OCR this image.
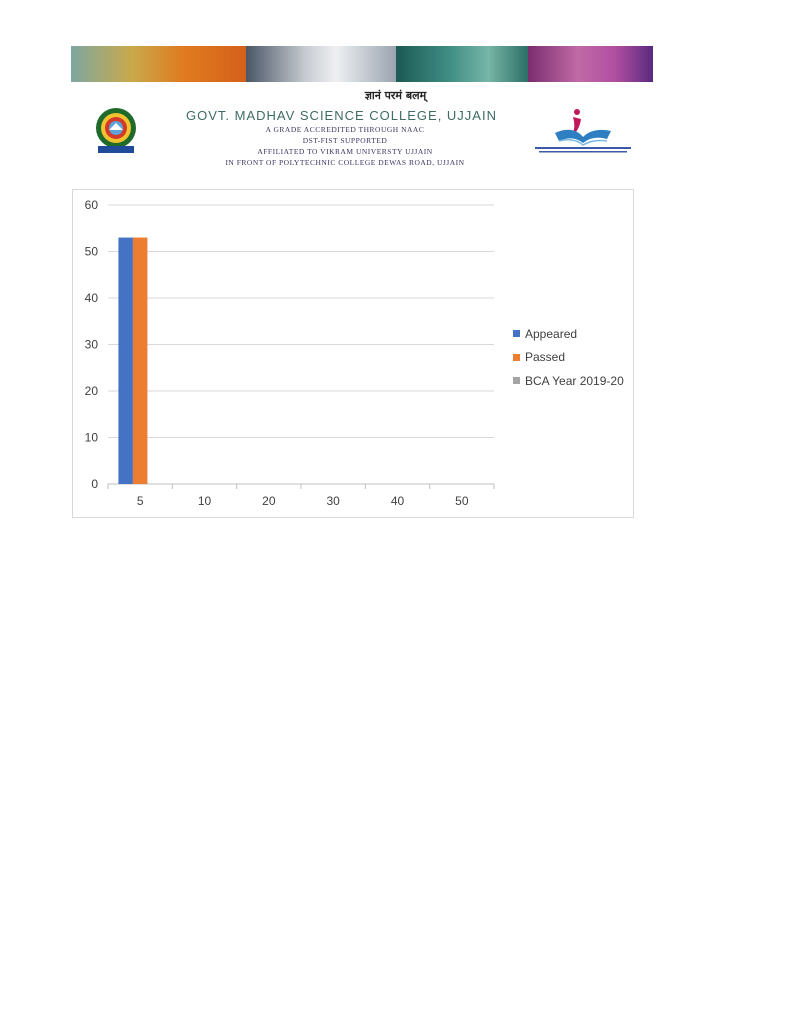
ज्ञानं परमं बलम्
GOVT. MADHAV SCIENCE COLLEGE, UJJAIN
A GRADE ACCREDITED THROUGH NAAC
DST-FIST SUPPORTED
AFFILIATED TO VIKRAM UNIVERSTY UJJAIN
IN FRONT OF POLYTECHNIC COLLEGE DEWAS ROAD, UJJAIN
0
10
20
30
40
50
60
5	10	20	30	40	50
Appeared
Passed
BCA Year 2019-20
